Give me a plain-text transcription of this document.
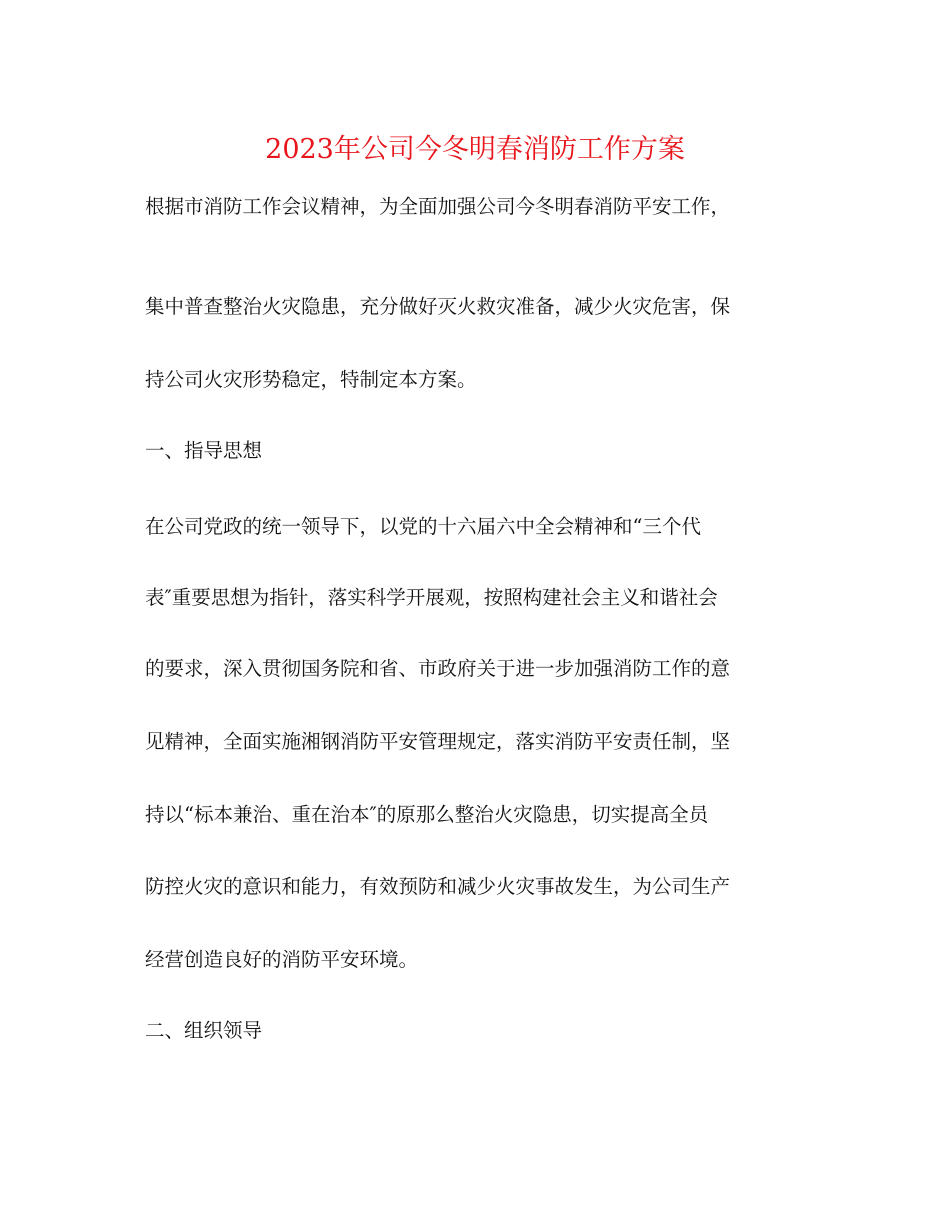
2023年公司今冬明春消防工作方案
根据市消防工作会议精神，为全面加强公司今冬明春消防平安工作，
集中普查整治火灾隐患，充分做好灭火救灾准备，减少火灾危害，保
持公司火灾形势稳定，特制定本方案。
一、指导思想
在公司党政的统一领导下，以党的十六届六中全会精神和“三个代
表″重要思想为指针，落实科学开展观，按照构建社会主义和谐社会
的要求，深入贯彻国务院和省、市政府关于进一步加强消防工作的意
见精神，全面实施湘钢消防平安管理规定，落实消防平安责任制，坚
持以“标本兼治、重在治本″的原那么整治火灾隐患，切实提高全员
防控火灾的意识和能力，有效预防和减少火灾事故发生，为公司生产
经营创造良好的消防平安环境。
二、组织领导
